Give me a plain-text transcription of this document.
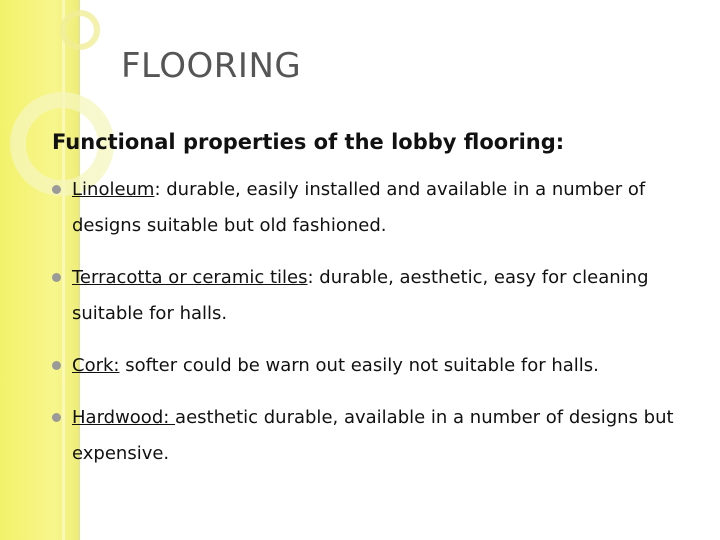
FLOORING
Functional properties of the lobby flooring:
Linoleum: durable, easily installed and available in a number of designs suitable but old fashioned.
Terracotta or ceramic tiles: durable, aesthetic, easy for cleaning suitable for halls.
Cork: softer could be warn out easily not suitable for halls.
Hardwood: aesthetic durable, available in a number of designs but expensive.
